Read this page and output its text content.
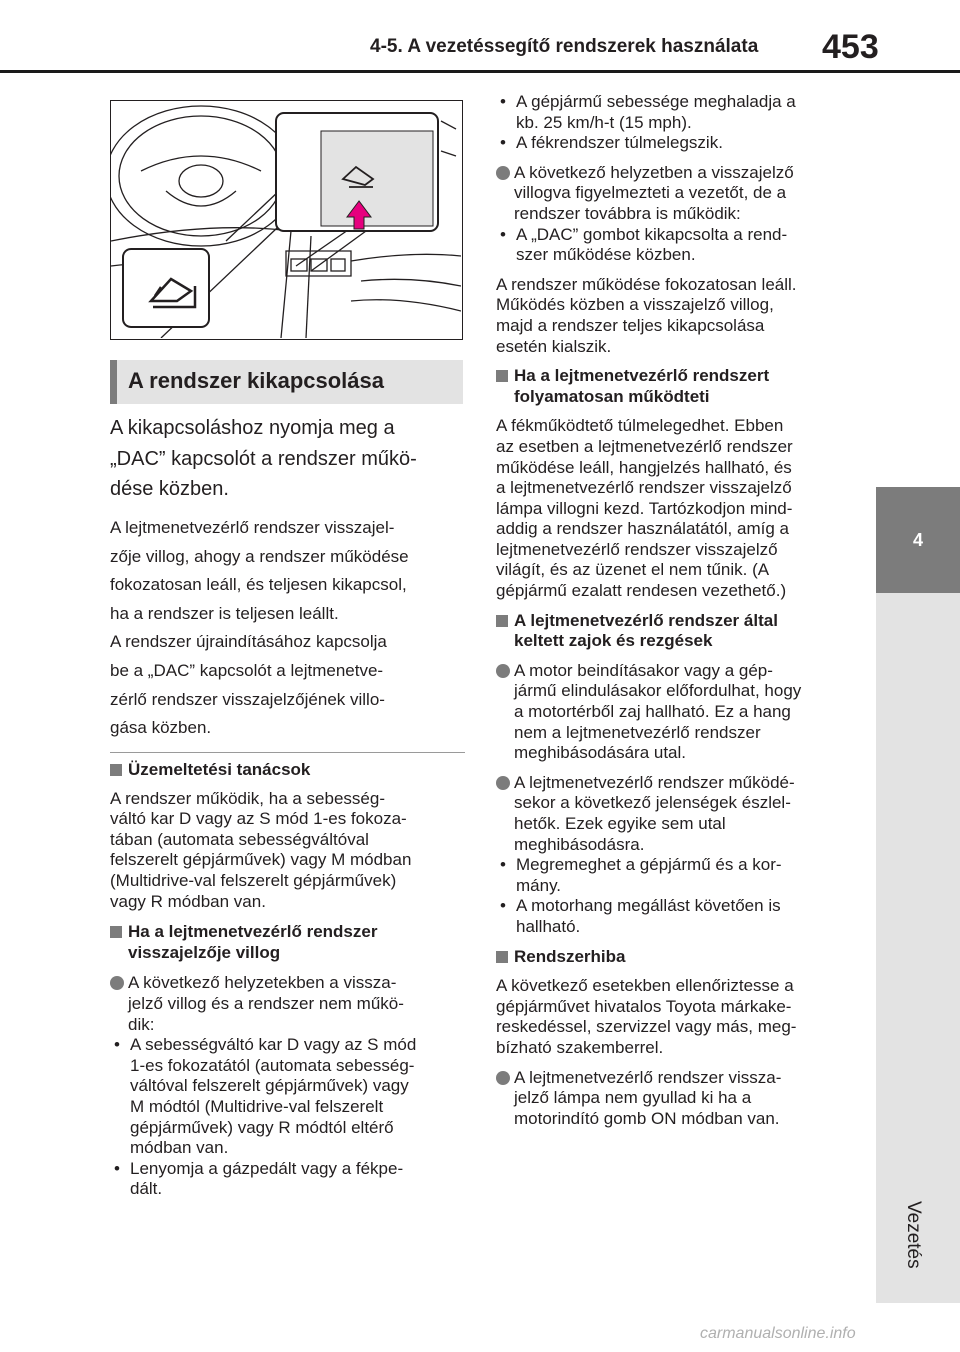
4-5. A vezetéssegítő rendszerek használata 453
4
Vezetés
A rendszer kikapcsolása

A kikapcsoláshoz nyomja meg a

„DAC” kapcsolót a rendszer műkö-

dése közben.

A lejtmenetvezérlő rendszer visszajel-

zője villog, ahogy a rendszer működése

fokozatosan leáll, és teljesen kikapcsol,

ha a rendszer is teljesen leállt.

A rendszer újraindításához kapcsolja

be a „DAC” kapcsolót a lejtmenetve-

zérlő rendszer visszajelzőjének villo-

gása közben.

Üzemeltetési tanácsok

A rendszer működik, ha a sebesség-

váltó kar D vagy az S mód 1-es fokoza-

tában (automata sebességváltóval

felszerelt gépjárművek) vagy M módban

(Multidrive-val felszerelt gépjárművek)

vagy R módban van.

Ha a lejtmenetvezérlő rendszer

visszajelzője villog

A következő helyzetekben a vissza-

jelző villog és a rendszer nem műkö-

dik:

• A sebességváltó kar D vagy az S mód

1-es fokozatától (automata sebesség-

váltóval felszerelt gépjárművek) vagy

M módtól (Multidrive-val felszerelt

gépjárművek) vagy R módtól eltérő

módban van.

• Lenyomja a gázpedált vagy a fékpe-

dált.

• A gépjármű sebessége meghaladja a

kb. 25 km/h-t (15 mph).

• A fékrendszer túlmelegszik.

A következő helyzetben a visszajelző

villogva figyelmezteti a vezetőt, de a

rendszer továbbra is működik:

• A „DAC” gombot kikapcsolta a rend-

szer működése közben.

A rendszer működése fokozatosan leáll.

Működés közben a visszajelző villog,

majd a rendszer teljes kikapcsolása

esetén kialszik.

Ha a lejtmenetvezérlő rendszert

folyamatosan működteti

A fékműködtető túlmelegedhet. Ebben

az esetben a lejtmenetvezérlő rendszer

működése leáll, hangjelzés hallható, és

a lejtmenetvezérlő rendszer visszajelző

lámpa villogni kezd. Tartózkodjon mind-

addig a rendszer használatától, amíg a

lejtmenetvezérlő rendszer visszajelző

világít, és az üzenet el nem tűnik. (A

gépjármű ezalatt rendesen vezethető.)

A lejtmenetvezérlő rendszer által

keltett zajok és rezgések

A motor beindításakor vagy a gép-

jármű elindulásakor előfordulhat, hogy

a motortérből zaj hallható. Ez a hang

nem a lejtmenetvezérlő rendszer

meghibásodására utal.

A lejtmenetvezérlő rendszer működé-

sekor a következő jelenségek észlel-

hetők. Ezek egyike sem utal

meghibásodásra.

• Megremeghet a gépjármű és a kor-

mány.

• A motorhang megállást követően is

hallható.

Rendszerhiba

A következő esetekben ellenőriztesse a

gépjárművet hivatalos Toyota márkake-

reskedéssel, szervizzel vagy más, meg-

bízható szakemberrel.

A lejtmenetvezérlő rendszer vissza-

jelző lámpa nem gyullad ki ha a

motorindító gomb ON módban van.

carmanualsonline.info
